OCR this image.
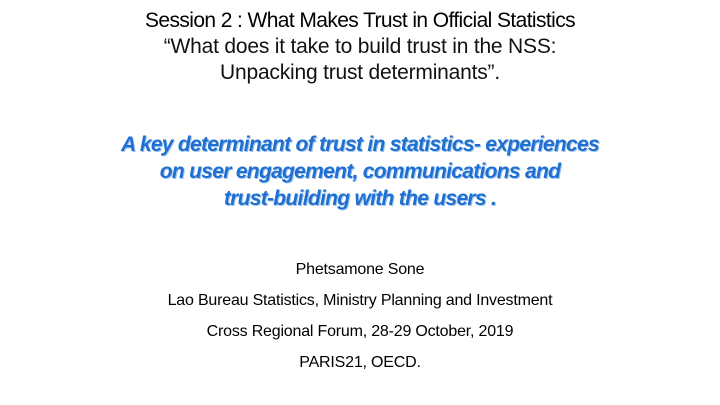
Session 2 : What Makes Trust in Official Statistics

“What does it take to build trust in the NSS:

Unpacking trust determinants”.

A key determinant of trust in statistics- experiences

on user engagement, communications and

trust-building with the users .

Phetsamone Sone

Lao Bureau Statistics, Ministry Planning and Investment

Cross Regional Forum, 28-29 October, 2019

PARIS21, OECD.
